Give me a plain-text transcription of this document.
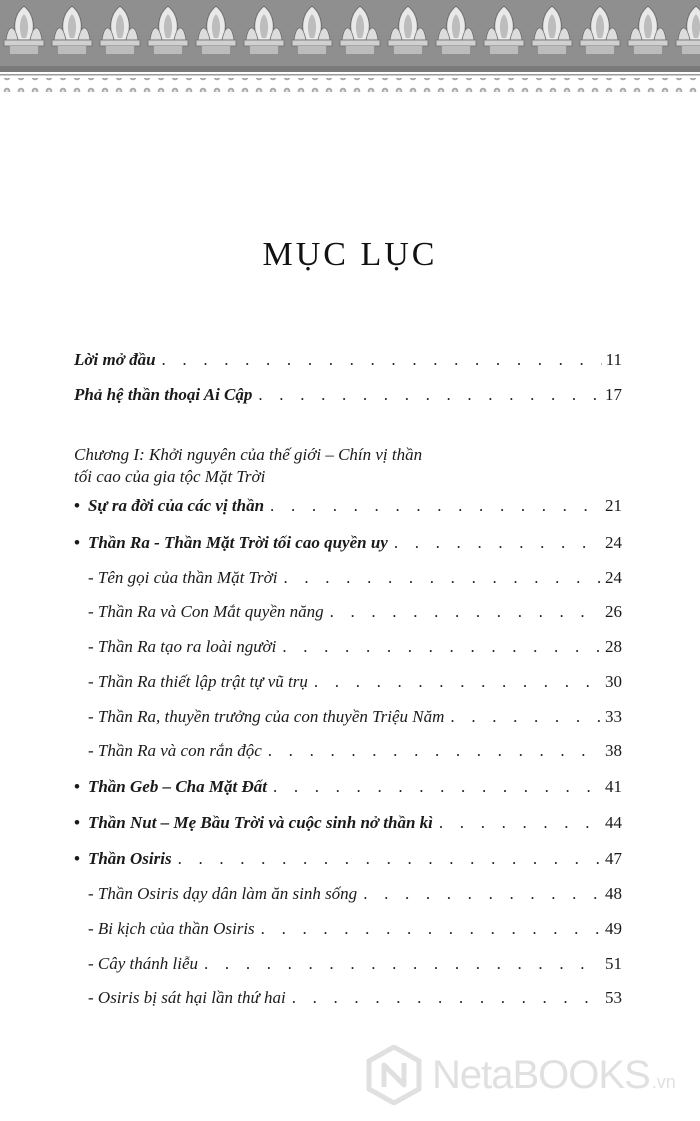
MỤC LỤC
Lời mở đầu . . .	11
Phả hệ thần thoại Ai Cập . . .	17
Chương I: Khởi nguyên của thế giới – Chín vị thần
tối cao của gia tộc Mặt Trời
• Sự ra đời của các vị thần . . .	21
• Thần Ra - Thần Mặt Trời tối cao quyền uy . . .	24
- Tên gọi của thần Mặt Trời . . .	24
- Thần Ra và Con Mắt quyền năng . . .	26
- Thần Ra tạo ra loài người . . .	28
- Thần Ra thiết lập trật tự vũ trụ . . .	30
- Thần Ra, thuyền trưởng của con thuyền Triệu Năm . . .	33
- Thần Ra và con rắn độc . . .	38
• Thần Geb – Cha Mặt Đất . . .	41
• Thần Nut – Mẹ Bầu Trời và cuộc sinh nở thần kì . . .	44
• Thần Osiris . . .	47
- Thần Osiris dạy dân làm ăn sinh sống . . .	48
- Bi kịch của thần Osiris . . .	49
- Cây thánh liễu . . .	51
- Osiris bị sát hại lần thứ hai . . .	53
NetaBOOKS .vn
